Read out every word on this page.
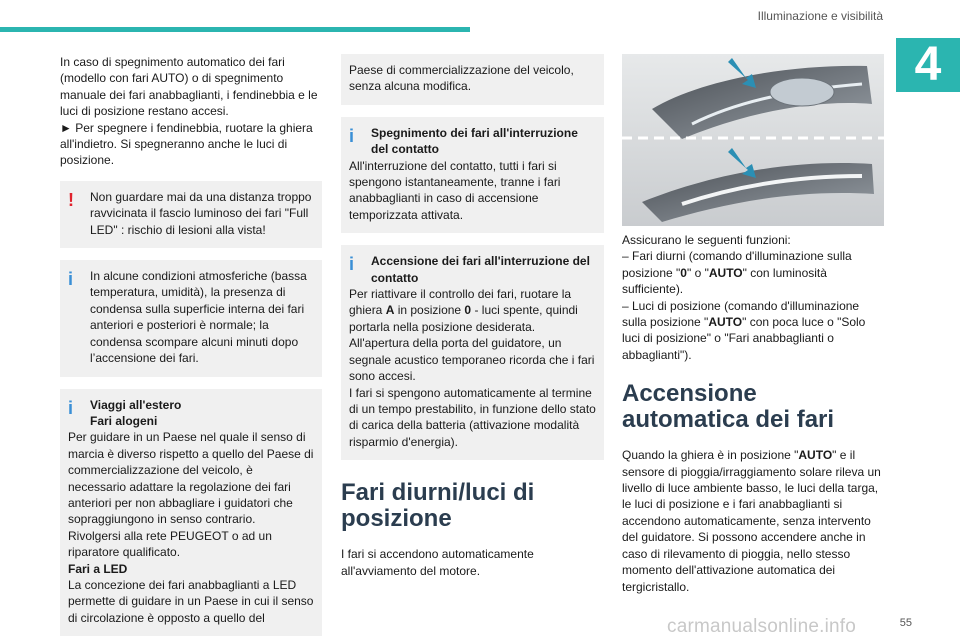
Illuminazione e visibilità
4

In caso di spegnimento automatico dei fari (modello con fari AUTO) o di spegnimento manuale dei fari anabbaglianti, i fendinebbia e le luci di posizione restano accesi.

► Per spegnere i fendinebbia, ruotare la ghiera all'indietro. Si spegneranno anche le luci di posizione.

!	Non guardare mai da una distanza troppo ravvicinata il fascio luminoso dei fari "Full LED" : rischio di lesioni alla vista!

i	In alcune condizioni atmosferiche (bassa temperatura, umidità), la presenza di condensa sulla superficie interna dei fari anteriori e posteriori è normale; la condensa scompare alcuni minuti dopo l’accensione dei fari.

i	Viaggi all'estero

Fari alogeni

Per guidare in un Paese nel quale il senso di marcia è diverso rispetto a quello del Paese di commercializzazione del veicolo, è necessario adattare la regolazione dei fari anteriori per non abbagliare i guidatori che sopraggiungono in senso contrario.

Rivolgersi alla rete PEUGEOT o ad un riparatore qualificato.

Fari a LED

La concezione dei fari anabbaglianti a LED permette di guidare in un Paese in cui il senso di circolazione è opposto a quello del

Paese di commercializzazione del veicolo, senza alcuna modifica.

i	Spegnimento dei fari all'interruzione del contatto

All'interruzione del contatto, tutti i fari si spengono istantaneamente, tranne i fari anabbaglianti in caso di accensione temporizzata attivata.

i	Accensione dei fari all'interruzione del contatto

Per riattivare il controllo dei fari, ruotare la ghiera A in posizione 0 - luci spente, quindi portarla nella posizione desiderata.

All'apertura della porta del guidatore, un segnale acustico temporaneo ricorda che i fari sono accesi.

I fari si spengono automaticamente al termine di un tempo prestabilito, in funzione dello stato di carica della batteria (attivazione modalità risparmio d'energia).

Fari diurni/luci di posizione

I fari si accendono automaticamente all'avviamento del motore.

Assicurano le seguenti funzioni:

– Fari diurni (comando d'illuminazione sulla posizione "0" o "AUTO" con luminosità sufficiente).

– Luci di posizione (comando d'illuminazione sulla posizione "AUTO" con poca luce o "Solo luci di posizione" o "Fari anabbaglianti o abbaglianti").

Accensione automatica dei fari

Quando la ghiera è in posizione "AUTO" e il sensore di pioggia/irraggiamento solare rileva un livello di luce ambiente basso, le luci della targa, le luci di posizione e i fari anabbaglianti si accendono automaticamente, senza intervento del guidatore. Si possono accendere anche in caso di rilevamento di pioggia, nello stesso momento dell'attivazione automatica dei tergicristallo.

carmanualsonline.info	55
